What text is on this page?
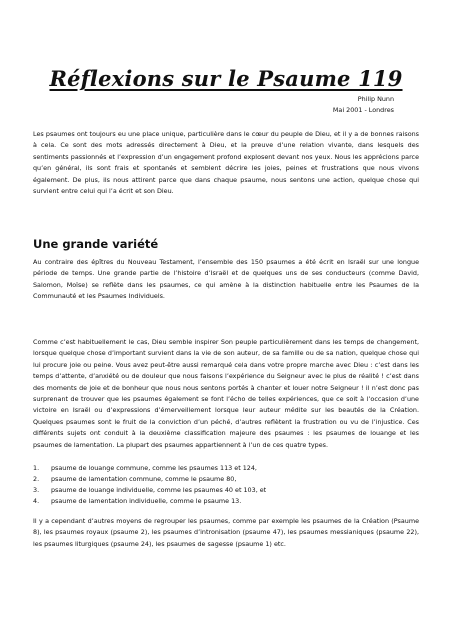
Réflexions sur le Psaume 119
Philip Nunn
Mai 2001 - Londres

Les psaumes ont toujours eu une place unique, particulière dans le cœur du peuple de Dieu, et il y a de bonnes raisons à cela. Ce sont des mots adressés directement à Dieu, et la preuve d’une relation vivante, dans lesquels des sentiments passionnés et l’expression d’un engagement profond explosent devant nos yeux. Nous les apprécions parce qu’en général, ils sont frais et spontanés et semblent décrire les joies, peines et frustrations que nous vivons également. De plus, ils nous attirent parce que dans chaque psaume, nous sentons une action, quelque chose qui survient entre celui qui l’a écrit et son Dieu.

Une grande variété

Au contraire des épîtres du Nouveau Testament, l’ensemble des 150 psaumes a été écrit en Israël sur une longue période de temps. Une grande partie de l’histoire d’Israël et de quelques uns de ses conducteurs (comme David, Salomon, Moïse) se reflète dans les psaumes, ce qui amène à la distinction habituelle entre les Psaumes de la Communauté et les Psaumes Individuels.

Comme c’est habituellement le cas, Dieu semble inspirer Son peuple particulièrement dans les temps de changement, lorsque quelque chose d’important survient dans la vie de son auteur, de sa famille ou de sa nation, quelque chose qui lui procure joie ou peine. Vous avez peut-être aussi remarqué cela dans votre propre marche avec Dieu : c’est dans les temps d’attente, d’anxiété ou de douleur que nous faisons l’expérience du Seigneur avec le plus de réalité ! c’est dans des moments de joie et de bonheur que nous nous sentons portés à chanter et louer notre Seigneur ! il n’est donc pas surprenant de trouver que les psaumes également se font l’écho de telles expériences, que ce soit à l’occasion d’une victoire en Israël ou d’expressions d’émerveillement lorsque leur auteur médite sur les beautés de la Création. Quelques psaumes sont le fruit de la conviction d’un péché, d’autres reflètent la frustration ou vu de l’injustice. Ces différents sujets ont conduit à la deuxième classification majeure des psaumes : les psaumes de louange et les psaumes de lamentation. La plupart des psaumes appartiennent à l’un de ces quatre types.

1.	psaume de louange commune, comme les psaumes 113 et 124,
2.	psaume de lamentation commune, comme le psaume 80,
3.	psaume de louange individuelle, comme les psaumes 40 et 103, et
4.	psaume de lamentation individuelle, comme le psaume 13.

Il y a cependant d’autres moyens de regrouper les psaumes, comme par exemple les psaumes de la Création (Psaume 8), les psaumes royaux (psaume 2), les psaumes d’intronisation (psaume 47), les psaumes messianiques (psaume 22), les psaumes liturgiques (psaume 24), les psaumes de sagesse (psaume 1) etc.
